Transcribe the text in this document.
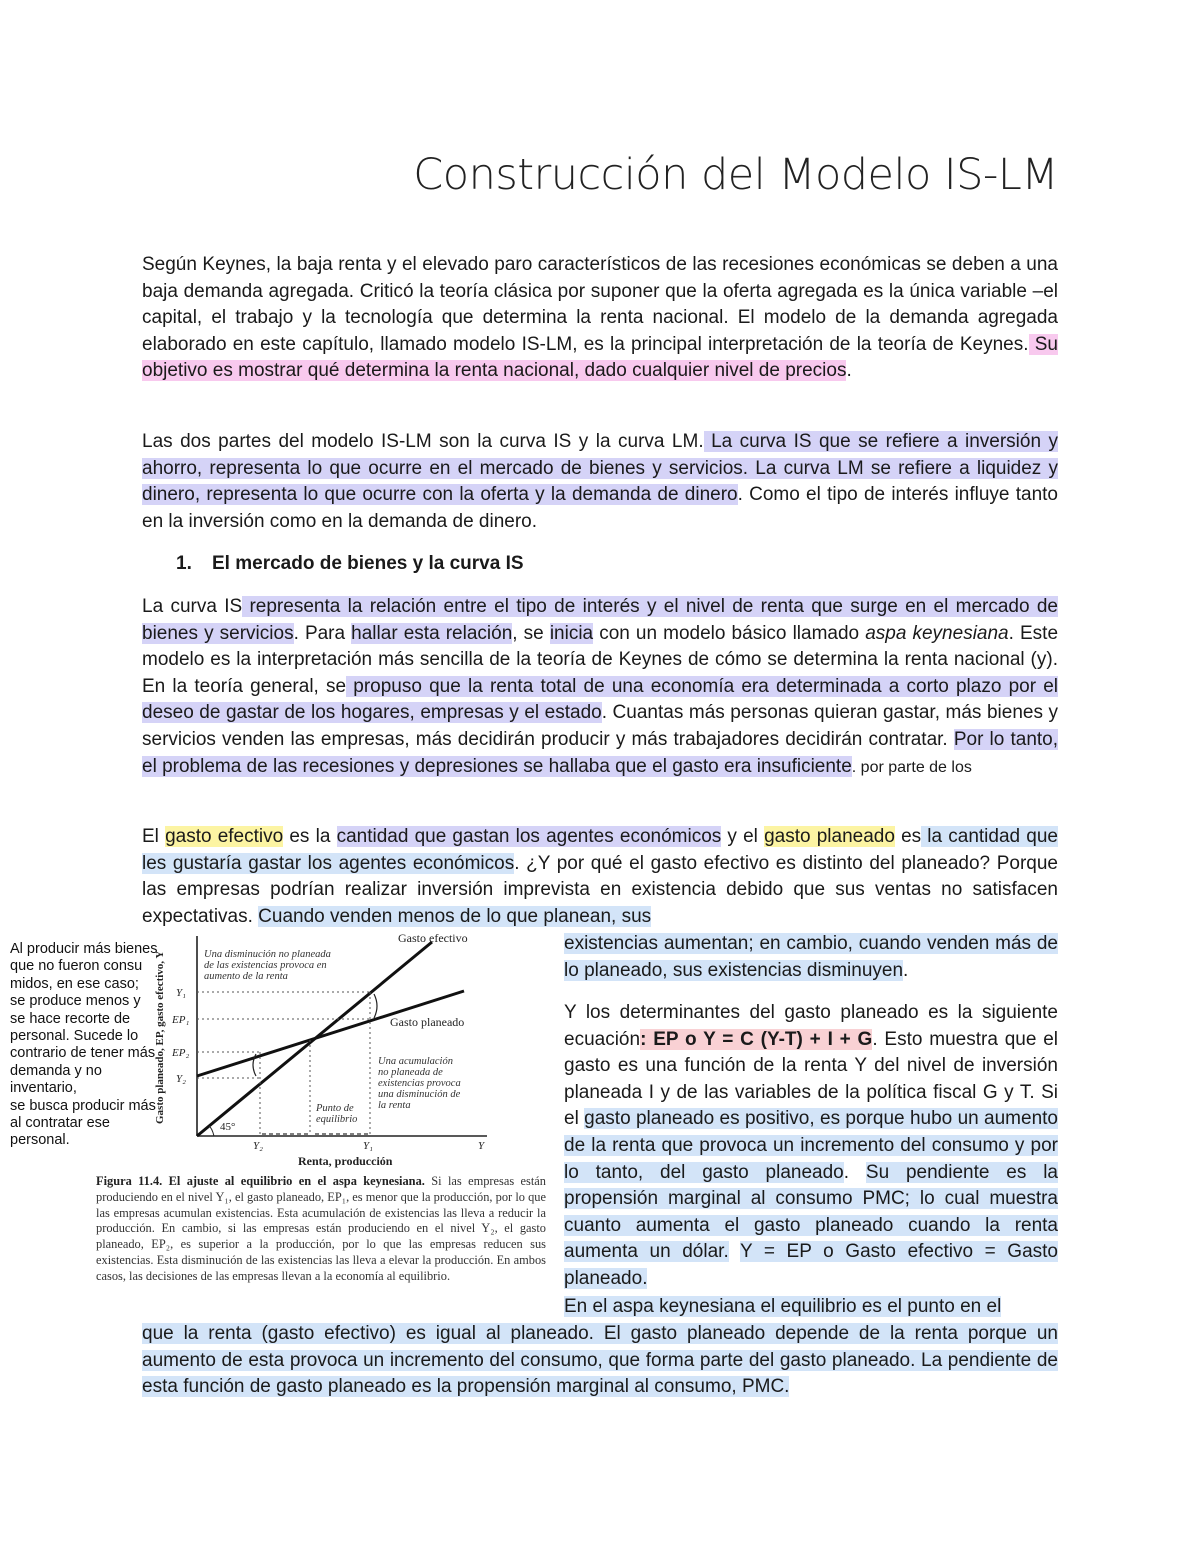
Construcción del Modelo IS-LM

Según Keynes, la baja renta y el elevado paro característicos de las recesiones económicas se deben a una baja demanda agregada. Criticó la teoría clásica por suponer que la oferta agregada es la única variable –el capital, el trabajo y la tecnología que determina la renta nacional. El modelo de la demanda agregada elaborado en este capítulo, llamado modelo IS-LM, es la principal interpretación de la teoría de Keynes. Su objetivo es mostrar qué determina la renta nacional, dado cualquier nivel de precios.

Las dos partes del modelo IS-LM son la curva IS y la curva LM. La curva IS que se refiere a inversión y ahorro, representa lo que ocurre en el mercado de bienes y servicios. La curva LM se refiere a liquidez y dinero, representa lo que ocurre con la oferta y la demanda de dinero. Como el tipo de interés influye tanto en la inversión como en la demanda de dinero.

1. El mercado de bienes y la curva IS

La curva IS representa la relación entre el tipo de interés y el nivel de renta que surge en el mercado de bienes y servicios. Para hallar esta relación, se inicia con un modelo básico llamado aspa keynesiana. Este modelo es la interpretación más sencilla de la teoría de Keynes de cómo se determina la renta nacional (y). En la teoría general, se propuso que la renta total de una economía era determinada a corto plazo por el deseo de gastar de los hogares, empresas y el estado. Cuantas más personas quieran gastar, más bienes y servicios venden las empresas, más decidirán producir y más trabajadores decidirán contratar. Por lo tanto, el problema de las recesiones y depresiones se hallaba que el gasto era insuficiente. por parte de los

El gasto efectivo es la cantidad que gastan los agentes económicos y el gasto planeado es la cantidad que les gustaría gastar los agentes económicos. ¿Y por qué el gasto efectivo es distinto del planeado? Porque las empresas podrían realizar inversión imprevista en existencia debido que sus ventas no satisfacen expectativas. Cuando venden menos de lo que planean, sus

existencias aumentan; en cambio, cuando venden más de lo planeado, sus existencias disminuyen.

Y los determinantes del gasto planeado es la siguiente ecuación: EP o Y = C (Y-T) + I + G. Esto muestra que el gasto es una función de la renta Y del nivel de inversión planeada I y de las variables de la política fiscal G y T. Si el gasto planeado es positivo, es porque hubo un aumento de la renta que provoca un incremento del consumo y por lo tanto, del gasto planeado. Su pendiente es la propensión marginal al consumo PMC; lo cual muestra cuanto aumenta el gasto planeado cuando la renta aumenta un dólar. Y = EP o Gasto efectivo = Gasto planeado.

En el aspa keynesiana el equilibrio es el punto en el

que la renta (gasto efectivo) es igual al planeado. El gasto planeado depende de la renta porque un aumento de esta provoca un incremento del consumo, que forma parte del gasto planeado. La pendiente de esta función de gasto planeado es la propensión marginal al consumo, PMC.

Al producir más bienes
que no fueron consu
midos, en ese caso;
se produce menos y
se hace recorte de
personal. Sucede lo
contrario de tener más
demanda y no
inventario,
se busca producir más
al contratar ese
personal.
Gasto efectivo
Gasto planeado
Una disminución no planeada
de las existencias provoca en
aumento de la renta
Una acumulación
no planeada de
existencias provoca
una disminución de
la renta
Punto de
equilibrio
Y₁
EP₁
EP₂
Y₂
Y₂	Y₁	Y
45°
Renta, producción
Gasto planeado, EP, gasto efectivo, Y

Figura 11.4. El ajuste al equilibrio en el aspa keynesiana. Si las empresas están produciendo en el nivel Y₁, el gasto planeado, EP₁, es menor que la producción, por lo que las empresas acumulan existencias. Esta acumulación de existencias las lleva a reducir la producción. En cambio, si las empresas están produciendo en el nivel Y₂, el gasto planeado, EP₂, es superior a la producción, por lo que las empresas reducen sus existencias. Esta disminución de las existencias las lleva a elevar la producción. En ambos casos, las decisiones de las empresas llevan a la economía al equilibrio.
